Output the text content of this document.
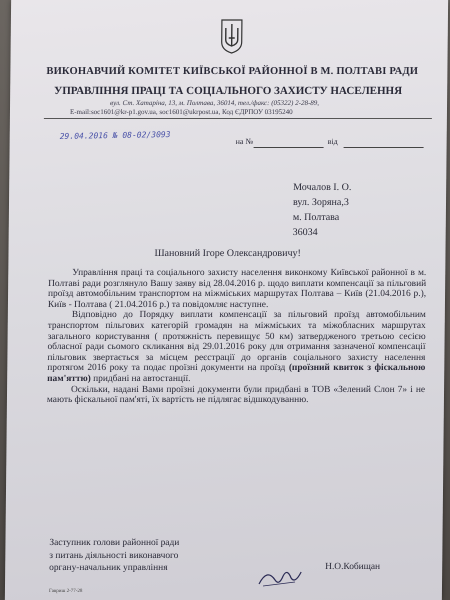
ВИКОНАВЧИЙ КОМІТЕТ КИЇВСЬКОЇ РАЙОННОЇ В М. ПОЛТАВІ РАДИ
УПРАВЛІННЯ ПРАЦІ ТА СОЦІАЛЬНОГО ЗАХИСТУ НАСЕЛЕННЯ
вул. Ст. Хатаріна, 13, м. Полтава, 36014, тел./факс: (05322) 2-28-89,
E-mail:soc1601@kr-p1.gov.ua, soc1601@ukrpost.ua, Код ЄДРПОУ 03195240
29.04.2016 № 08-02/3093
на №	від
Мочалов І. О.
вул. Зоряна,3
м. Полтава
36034
Шановний Ігоре Олександровичу!

Управління праці та соціального захисту населення виконкому Київської районної в м. Полтаві ради розглянуло Вашу заяву від 28.04.2016 р. щодо виплати компенсації за пільговий проїзд автомобільним транспортом на міжміських маршрутах Полтава – Київ (21.04.2016 р.), Київ - Полтава ( 21.04.2016 р.) та повідомляє наступне.

Відповідно до Порядку виплати компенсації за пільговий проїзд автомобільним транспортом пільгових категорій громадян на міжміських та міжобласних маршрутах загального користування ( протяжність перевищує 50 км) затвердженого третьою сесією обласної ради сьомого скликання від 29.01.2016 року для отримання зазначеної компенсації пільговик звертається за місцем реєстрації до органів соціального захисту населення протягом 2016 року та подає проїзні документи на проїзд (проїзний квиток з фіскальною пам'яттю) придбані на автостанції.

Оскільки, надані Вами проїзні документи були придбані в ТОВ «Зелений Слон 7» і не мають фіскальної пам'яті, їх вартість не підлягає відшкодуванню.

Заступник голови районної ради
з питань діяльності виконавчого
органу-начальник управління	Н.О.Кобищан
Гавриш 2-77-28
